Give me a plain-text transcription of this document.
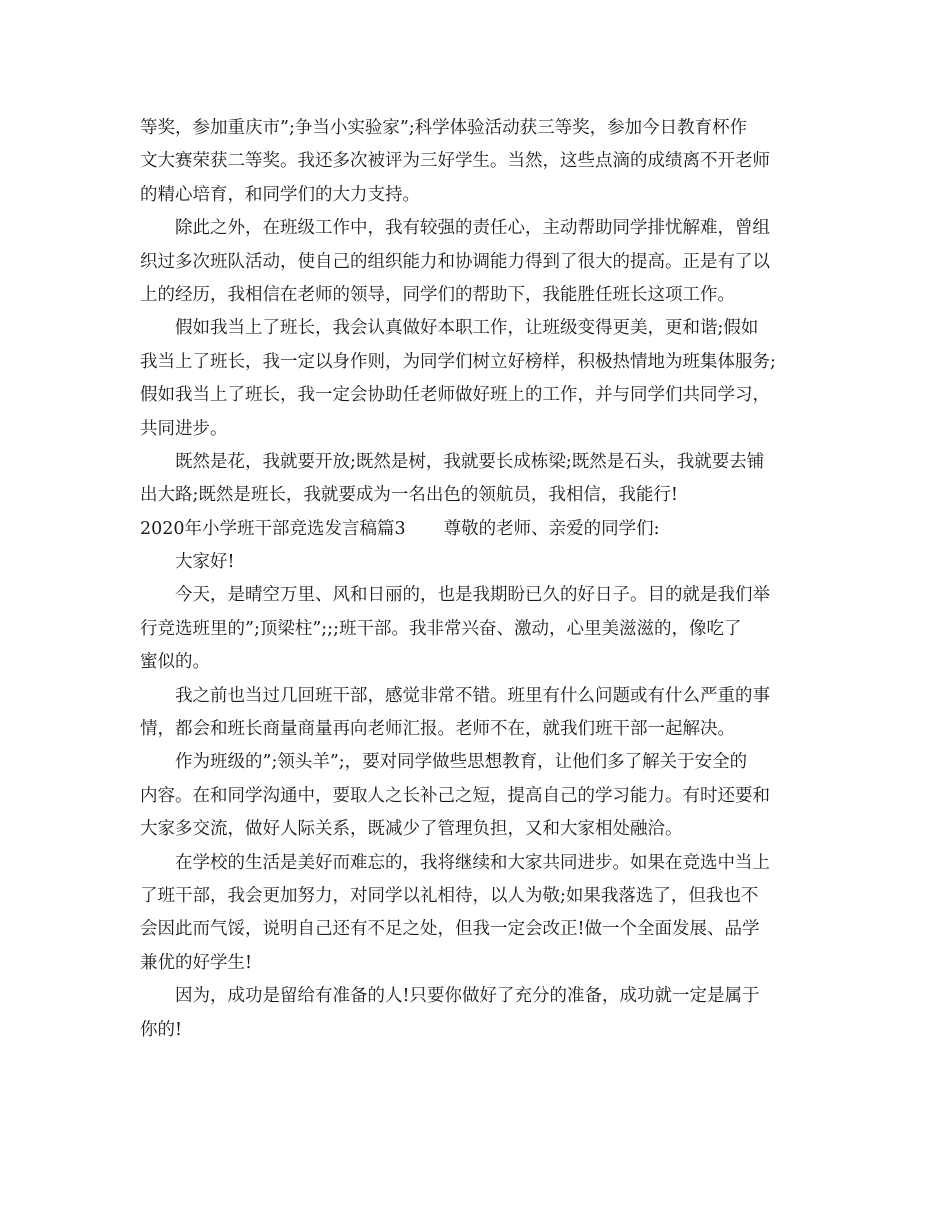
等奖，参加重庆市”;争当小实验家”;科学体验活动获三等奖，参加今日教育杯作
文大赛荣获二等奖。我还多次被评为三好学生。当然，这些点滴的成绩离不开老师
的精心培育，和同学们的大力支持。
除此之外，在班级工作中，我有较强的责任心，主动帮助同学排忧解难，曾组
织过多次班队活动，使自己的组织能力和协调能力得到了很大的提高。正是有了以
上的经历，我相信在老师的领导，同学们的帮助下，我能胜任班长这项工作。
假如我当上了班长，我会认真做好本职工作，让班级变得更美，更和谐;假如
我当上了班长，我一定以身作则，为同学们树立好榜样，积极热情地为班集体服务;
假如我当上了班长，我一定会协助任老师做好班上的工作，并与同学们共同学习，
共同进步。
既然是花，我就要开放;既然是树，我就要长成栋梁;既然是石头，我就要去铺
出大路;既然是班长，我就要成为一名出色的领航员，我相信，我能行!
2020年小学班干部竞选发言稿篇3 尊敬的老师、亲爱的同学们:
大家好!
今天，是晴空万里、风和日丽的，也是我期盼已久的好日子。目的就是我们举
行竞选班里的”;顶梁柱”;;;班干部。我非常兴奋、激动，心里美滋滋的，像吃了
蜜似的。
我之前也当过几回班干部，感觉非常不错。班里有什么问题或有什么严重的事
情，都会和班长商量商量再向老师汇报。老师不在，就我们班干部一起解决。
作为班级的”;领头羊”;，要对同学做些思想教育，让他们多了解关于安全的
内容。在和同学沟通中，要取人之长补己之短，提高自己的学习能力。有时还要和
大家多交流，做好人际关系，既减少了管理负担，又和大家相处融洽。
在学校的生活是美好而难忘的，我将继续和大家共同进步。如果在竞选中当上
了班干部，我会更加努力，对同学以礼相待，以人为敬;如果我落选了，但我也不
会因此而气馁，说明自己还有不足之处，但我一定会改正!做一个全面发展、品学
兼优的好学生!
因为，成功是留给有准备的人!只要你做好了充分的准备，成功就一定是属于
你的!
